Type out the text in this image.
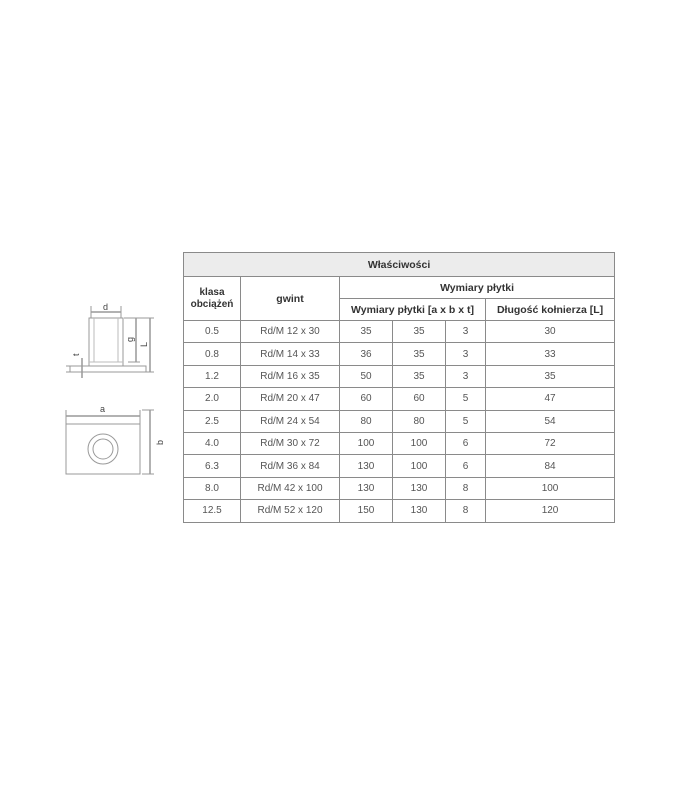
d
t
g
L
a
b
Właściwości					

klasa
obciążeń	gwint	Wymiary płytki			
		Wymiary płytki [a x b x t]			Długość kołnierza [L]
0.5	Rd/M 12 x 30	35	35	3	30
0.8	Rd/M 14 x 33	36	35	3	33
1.2	Rd/M 16 x 35	50	35	3	35
2.0	Rd/M 20 x 47	60	60	5	47
2.5	Rd/M 24 x 54	80	80	5	54
4.0	Rd/M 30 x 72	100	100	6	72
6.3	Rd/M 36 x 84	130	100	6	84
8.0	Rd/M 42 x 100	130	130	8	100
12.5	Rd/M 52 x 120	150	130	8	120
